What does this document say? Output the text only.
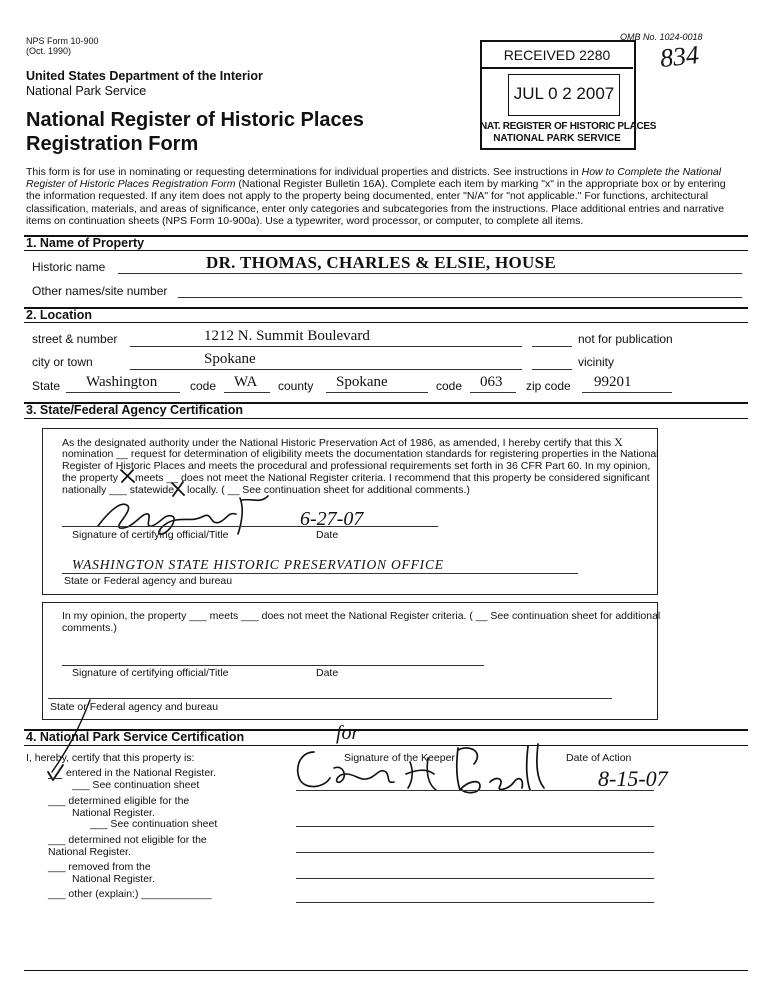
NPS Form 10-900
(Oct. 1990)
OMB No. 1024-0018
834
RECEIVED 2280
JUL 0 2 2007
NAT. REGISTER OF HISTORIC PLACES
NATIONAL PARK SERVICE
United States Department of the Interior
National Park Service
National Register of Historic Places
Registration Form
This form is for use in nominating or requesting determinations for individual properties and districts. See instructions in How to Complete the National Register of Historic Places Registration Form (National Register Bulletin 16A). Complete each item by marking "x" in the appropriate box or by entering the information requested. If any item does not apply to the property being documented, enter "N/A" for "not applicable." For functions, architectural classification, materials, and areas of significance, enter only categories and subcategories from the instructions. Place additional entries and narrative items on continuation sheets (NPS Form 10-900a). Use a typewriter, word processor, or computer, to complete all items.
1. Name of Property
Historic name	DR. THOMAS, CHARLES & ELSIE, HOUSE
Other names/site number
2. Location
street & number	1212 N. Summit Boulevard	not for publication
city or town	Spokane	vicinity
State Washington	code WA county Spokane	code 063 zip code 99201
3. State/Federal Agency Certification
As the designated authority under the National Historic Preservation Act of 1986, as amended, I hereby certify that this X
nomination __ request for determination of eligibility meets the documentation standards for registering properties in the National
Register of Historic Places and meets the procedural and professional requirements set forth in 36 CFR Part 60. In my opinion,
the property meets __ does not meet the National Register criteria. I recommend that this property be considered significant
nationally ___ statewide locally. ( __ See continuation sheet for additional comments.)
6-27-07
Signature of certifying official/Title	Date
WASHINGTON STATE HISTORIC PRESERVATION OFFICE
State or Federal agency and bureau
In my opinion, the property ___ meets ___ does not meet the National Register criteria. ( __ See continuation sheet for additional
comments.)
Signature of certifying official/Title	Date
State or Federal agency and bureau
4. National Park Service Certification
I, hereby, certify that this property is:
entered in the National Register.
___ See continuation sheet
___ determined eligible for the
National Register.
___ See continuation sheet
___ determined not eligible for the
National Register.
___ removed from the
National Register.
___ other (explain:) ____________
Signature of the Keeper	Date of Action
for
8-15-07
